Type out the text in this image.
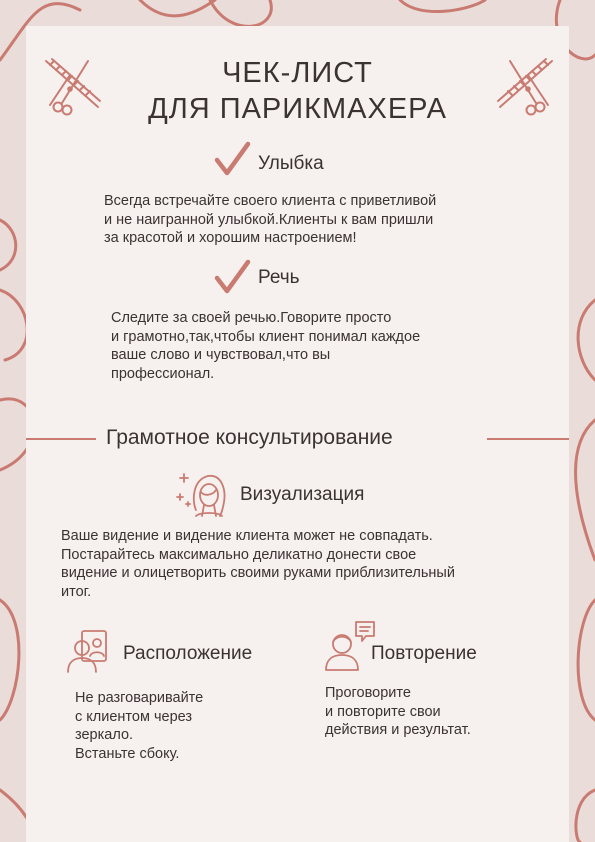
ЧЕК-ЛИСТ
ДЛЯ ПАРИКМАХЕРА
Улыбка
Всегда встречайте своего клиента с приветливой
и не наигранной улыбкой.Клиенты к вам пришли
за красотой и хорошим настроением!
Речь
Следите за своей речью.Говорите просто
и грамотно,так,чтобы клиент понимал каждое
ваше слово и чувствовал,что вы
профессионал.
Грамотное консультирование
Визуализация
Ваше видение и видение клиента может не совпадать.
Постарайтесь максимально деликатно донести свое
видение и олицетворить своими руками приблизительный
итог.
Расположение
Не разговаривайте
с клиентом через
зеркало.
Встаньте сбоку.
Повторение
Проговорите
и повторите свои
действия и результат.
